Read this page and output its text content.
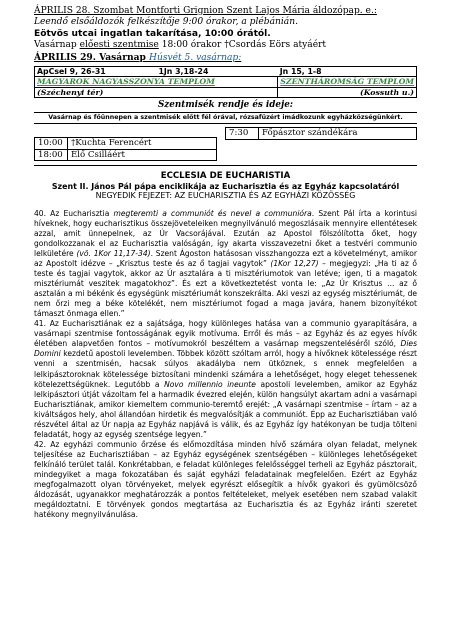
ÁPRILIS 28. Szombat Montforti Grignion Szent Lajos Mária áldozópap. e.:
Leendő elsőáldozók felkészítője 9:00 órakor, a plébánián.
Eötvös utcai ingatlan takarítása, 10:00 órától.
Vasárnap előesti szentmise 18:00 órakor †Csordás Eörs atyáért
ÁPRILIS 29. Vasárnap Húsvét 5. vasárnap:
ApCsel 9, 26-31	1Jn 3,18-24	Jn 15, 1-8
MAGYAROK NAGYASSZONYA TEMPLOM		SZENTHÁROMSÁG TEMPLOM
(Széchenyi tér)		(Kossuth u.)
Szentmisék rendje és ideje:
Vasárnap és főünnepen a szentmisék előtt fél órával, rózsafüzért imádkozunk egyházközségünkért.
7:30	Főpásztor szándékára
10:00	†Kuchta Ferencért
18:00	Élő Csilláért
ECCLESIA DE EUCHARISTIA
Szent II. János Pál pápa enciklikája az Eucharisztia és az Egyház kapcsolatáról
NEGYEDIK FEJEZET: AZ EUCHARISZTIA ÉS AZ EGYHÁZI KÖZÖSSÉG

40. Az Eucharisztia megteremti a communiót és nevel a communióra. Szent Pál írta a korintusi híveknek, hogy eucharisztikus összejöveteleiken megnyilvánuló megoszlásaik mennyire ellentétesek azzal, amit ünnepelnek, az Úr Vacsorájával. Ezután az Apostol fölszólította őket, hogy gondolkozzanak el az Eucharisztia valóságán, így akarta visszavezetni őket a testvéri communio lelkületére (vö. 1Kor 11,17-34). Szent Ágoston hatásosan visszhangozza ezt a követelményt, amikor az Apostolt idézve – „Krisztus teste és az ő tagjai vagytok” (1Kor 12,27) – megjegyzi: „Ha ti az ő teste és tagjai vagytok, akkor az Úr asztalára a ti misztériumotok van letéve; igen, ti a magatok misztériumát veszitek magatokhoz”. És ezt a következtetést vonta le: „Az Úr Krisztus ... az ő asztalán a mi békénk és egységünk misztériumát konszekrálta. Aki veszi az egység misztériumát, de nem őrzi meg a béke kötelékét, nem misztériumot fogad a maga javára, hanem bizonyítékot támaszt önmaga ellen.”

41. Az Eucharisztiának ez a sajátsága, hogy különleges hatása van a communio gyarapítására, a vasárnapi szentmise fontosságának egyik motívuma. Erről és más – az Egyház és az egyes hívők életében alapvetően fontos – motívumokról beszéltem a vasárnap megszenteléséről szóló, Dies Domini kezdetű apostoli levelemben. Többek között szóltam arról, hogy a hívőknek kötelessége részt venni a szentmisén, hacsak súlyos akadályba nem ütköznek, s ennek megfelelően a lelkipásztoroknak kötelessége biztosítani mindenki számára a lehetőséget, hogy eleget tehessenek kötelezettségüknek. Legutóbb a Novo millennio ineunte apostoli levelemben, amikor az Egyház lelkipásztori útját vázoltam fel a harmadik évezred elején, külön hangsúlyt akartam adni a vasárnapi Eucharisztiának, amikor kiemeltem communio-teremtő erejét: „A vasárnapi szentmise – írtam – az a kiváltságos hely, ahol állandóan hirdetik és megvalósítják a communiót. Épp az Eucharisztiában való részvétel által az Úr napja az Egyház napjává is válik, és az Egyház így hatékonyan be tudja tölteni feladatát, hogy az egység szentsége legyen.”

42. Az egyházi communio őrzése és előmozdítása minden hívő számára olyan feladat, melynek teljesítése az Eucharisztiában – az Egyház egységének szentségében – különleges lehetőségeket felkínáló terület talál. Konkrétabban, e feladat különleges felelősséggel terheli az Egyház pásztorait, mindegyiket a maga fokozatában és saját egyházi feladatainak megfelelően. Ezért az Egyház megfogalmazott olyan törvényeket, melyek egyrészt elősegítik a hívők gyakori és gyümölcsöző áldozását, ugyanakkor meghatározzák a pontos feltételeket, melyek esetében nem szabad valakit megáldoztatni. E törvények gondos megtartása az Eucharisztia és az Egyház iránti szeretet hatékony megnyilvánulása.
